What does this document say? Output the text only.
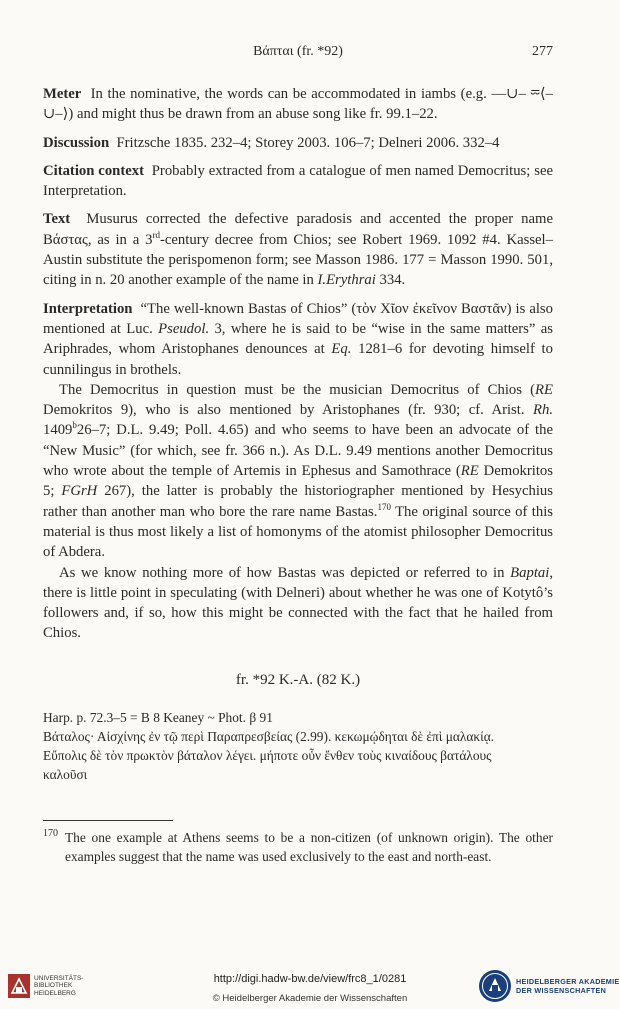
Βάπται (fr. *92)	277

Meter In the nominative, the words can be accommodated in iambs (e.g. ––∪– ⏔⟨–∪–⟩) and might thus be drawn from an abuse song like fr. 99.1–22.

Discussion Fritzsche 1835. 232–4; Storey 2003. 106–7; Delneri 2006. 332–4

Citation context Probably extracted from a catalogue of men named Democritus; see Interpretation.

Text Musurus corrected the defective paradosis and accented the proper name Βάστας, as in a 3rd-century decree from Chios; see Robert 1969. 1092 #4. Kassel–Austin substitute the perispomenon form; see Masson 1986. 177 = Masson 1990. 501, citing in n. 20 another example of the name in I.Erythrai 334.

Interpretation “The well-known Bastas of Chios” (τὸν Χῖον ἐκεῖνον Βαστᾶν) is also mentioned at Luc. Pseudol. 3, where he is said to be “wise in the same matters” as Ariphrades, whom Aristophanes denounces at Eq. 1281–6 for devoting himself to cunnilingus in brothels.

The Democritus in question must be the musician Democritus of Chios (RE Demokritos 9), who is also mentioned by Aristophanes (fr. 930; cf. Arist. Rh. 1409$^b$26–7; D.L. 9.49; Poll. 4.65) and who seems to have been an advocate of the “New Music” (for which, see fr. 366 n.). As D.L. 9.49 mentions another Democritus who wrote about the temple of Artemis in Ephesus and Samothrace (RE Demokritos 5; FGrH 267), the latter is probably the historiographer mentioned by Hesychius rather than another man who bore the rare name Bastas.$^{170}$ The original source of this material is thus most likely a list of homonyms of the atomist philosopher Democritus of Abdera.

As we know nothing more of how Bastas was depicted or referred to in Baptai, there is little point in speculating (with Delneri) about whether he was one of Kotytô’s followers and, if so, how this might be connected with the fact that he hailed from Chios.

fr. *92 K.-A. (82 K.)

Harp. p. 72.3–5 = B 8 Keaney ~ Phot. β 91

Βάταλος· Αἰσχίνης ἐν τῷ περὶ Παραπρεσβείας (2.99). κεκωμῴδηται δὲ ἐπὶ μαλακίᾳ.

Εὔπολις δὲ τὸν πρωκτὸν βάταλον λέγει. μήποτε οὖν ἔνθεν τοὺς κιναίδους βατάλους

καλοῦσι

170 The one example at Athens seems to be a non-citizen (of unknown origin). The other examples suggest that the name was used exclusively to the east and north-east.
UNIVERSITÄTS-
BIBLIOTHEK
HEIDELBERG
http://digi.hadw-bw.de/view/frc8_1/0281
© Heidelberger Akademie der Wissenschaften
HEIDELBERGER AKADEMIE
DER WISSENSCHAFTEN
